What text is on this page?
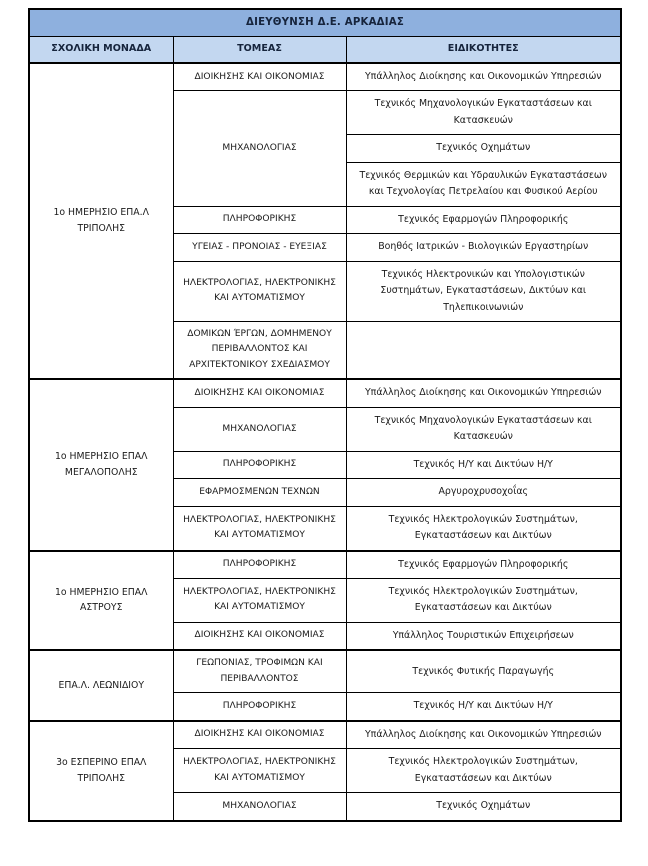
ΔΙΕΥΘΥΝΣΗ Δ.Ε. ΑΡΚΑΔΙΑΣ		
ΣΧΟΛΙΚΗ ΜΟΝΑΔΑ	ΤΟΜΕΑΣ	ΕΙΔΙΚΟΤΗΤΕΣ
1ο ΗΜΕΡΗΣΙΟ ΕΠΑ.Λ ΤΡΙΠΟΛΗΣ	ΔΙΟΙΚΗΣΗΣ ΚΑΙ ΟΙΚΟΝΟΜΙΑΣ	Υπάλληλος Διοίκησης και Οικονομικών Υπηρεσιών
	ΜΗΧΑΝΟΛΟΓΙΑΣ	Τεχνικός Μηχανολογικών Εγκαταστάσεων και Κατασκευών
		Τεχνικός Οχημάτων
		Τεχνικός Θερμικών και Υδραυλικών Εγκαταστάσεων και Τεχνολογίας Πετρελαίου και Φυσικού Αερίου
	ΠΛΗΡΟΦΟΡΙΚΗΣ	Τεχνικός Εφαρμογών Πληροφορικής
	ΥΓΕΙΑΣ - ΠΡΟΝΟΙΑΣ - ΕΥΕΞΙΑΣ	Βοηθός Ιατρικών - Βιολογικών Εργαστηρίων
	ΗΛΕΚΤΡΟΛΟΓΙΑΣ, ΗΛΕΚΤΡΟΝΙΚΗΣ ΚΑΙ ΑΥΤΟΜΑΤΙΣΜΟΥ	Τεχνικός Ηλεκτρονικών και Υπολογιστικών Συστημάτων, Εγκαταστάσεων, Δικτύων και Τηλεπικοινωνιών
	ΔΟΜΙΚΩΝ ΈΡΓΩΝ, ΔΟΜΗΜΕΝΟΥ ΠΕΡΙΒΑΛΛΟΝΤΟΣ ΚΑΙ ΑΡΧΙΤΕΚΤΟΝΙΚΟΥ ΣΧΕΔΙΑΣΜΟΥ	
1ο ΗΜΕΡΗΣΙΟ ΕΠΑΛ ΜΕΓΑΛΟΠΟΛΗΣ	ΔΙΟΙΚΗΣΗΣ ΚΑΙ ΟΙΚΟΝΟΜΙΑΣ	Υπάλληλος Διοίκησης και Οικονομικών Υπηρεσιών
	ΜΗΧΑΝΟΛΟΓΙΑΣ	Τεχνικός Μηχανολογικών Εγκαταστάσεων και Κατασκευών
	ΠΛΗΡΟΦΟΡΙΚΗΣ	Τεχνικός Η/Υ και Δικτύων Η/Υ
	ΕΦΑΡΜΟΣΜΕΝΩΝ ΤΕΧΝΩΝ	Αργυροχρυσοχοΐας
	ΗΛΕΚΤΡΟΛΟΓΙΑΣ, ΗΛΕΚΤΡΟΝΙΚΗΣ ΚΑΙ ΑΥΤΟΜΑΤΙΣΜΟΥ	Τεχνικός Ηλεκτρολογικών Συστημάτων, Εγκαταστάσεων και Δικτύων
1ο ΗΜΕΡΗΣΙΟ ΕΠΑΛ ΑΣΤΡΟΥΣ	ΠΛΗΡΟΦΟΡΙΚΗΣ	Τεχνικός Εφαρμογών Πληροφορικής
	ΗΛΕΚΤΡΟΛΟΓΙΑΣ, ΗΛΕΚΤΡΟΝΙΚΗΣ ΚΑΙ ΑΥΤΟΜΑΤΙΣΜΟΥ	Τεχνικός Ηλεκτρολογικών Συστημάτων, Εγκαταστάσεων και Δικτύων
	ΔΙΟΙΚΗΣΗΣ ΚΑΙ ΟΙΚΟΝΟΜΙΑΣ	Υπάλληλος Τουριστικών Επιχειρήσεων
ΕΠΑ.Λ. ΛΕΩΝΙΔΙΟΥ	ΓΕΩΠΟΝΙΑΣ, ΤΡΟΦΙΜΩΝ ΚΑΙ ΠΕΡΙΒΑΛΛΟΝΤΟΣ	Τεχνικός Φυτικής Παραγωγής
	ΠΛΗΡΟΦΟΡΙΚΗΣ	Τεχνικός Η/Υ και Δικτύων Η/Υ
3ο ΕΣΠΕΡΙΝΟ ΕΠΑΛ ΤΡΙΠΟΛΗΣ	ΔΙΟΙΚΗΣΗΣ ΚΑΙ ΟΙΚΟΝΟΜΙΑΣ	Υπάλληλος Διοίκησης και Οικονομικών Υπηρεσιών
	ΗΛΕΚΤΡΟΛΟΓΙΑΣ, ΗΛΕΚΤΡΟΝΙΚΗΣ ΚΑΙ ΑΥΤΟΜΑΤΙΣΜΟΥ	Τεχνικός Ηλεκτρολογικών Συστημάτων, Εγκαταστάσεων και Δικτύων
	ΜΗΧΑΝΟΛΟΓΙΑΣ	Τεχνικός Οχημάτων
